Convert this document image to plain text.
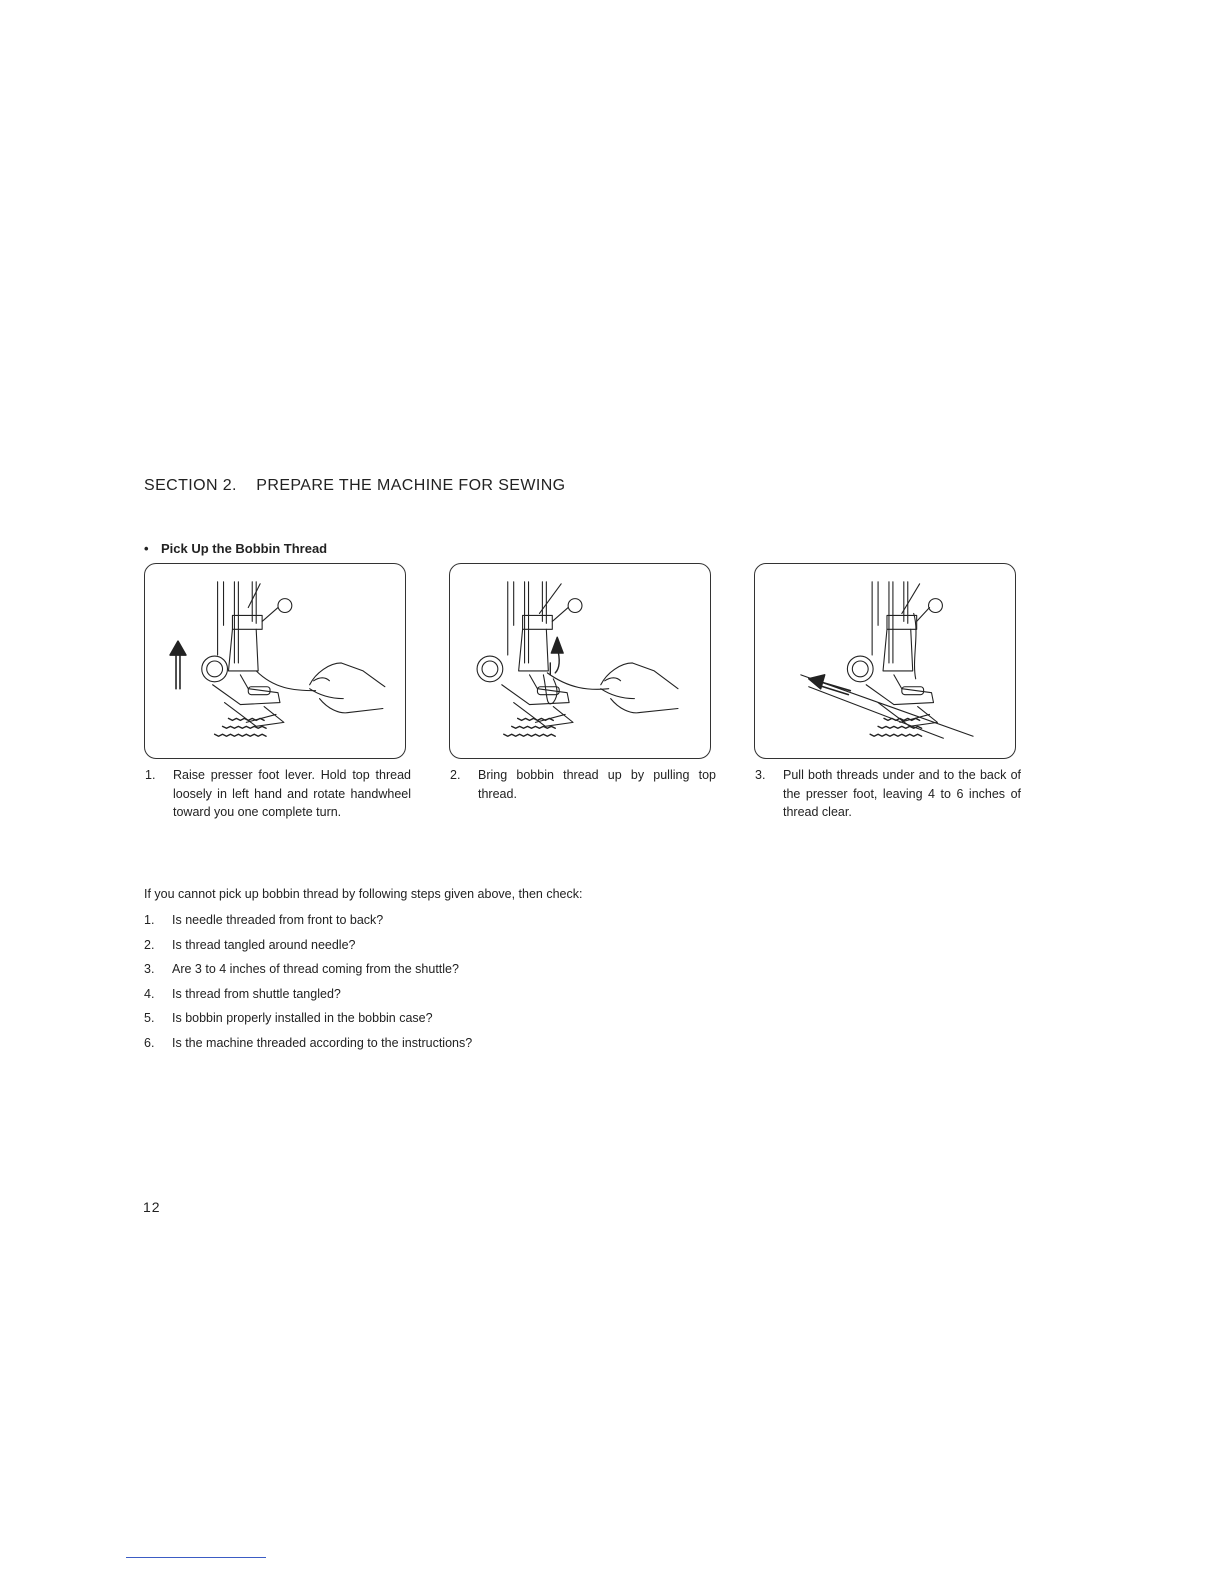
SECTION 2. PREPARE THE MACHINE FOR SEWING
• Pick Up the Bobbin Thread
1. Raise presser foot lever. Hold top thread loosely in left hand and rotate handwheel toward you one complete turn.
2. Bring bobbin thread up by pulling top thread.
3. Pull both threads under and to the back of the presser foot, leaving 4 to 6 inches of thread clear.
If you cannot pick up bobbin thread by following steps given above, then check:
1. Is needle threaded from front to back?
2. Is thread tangled around needle?
3. Are 3 to 4 inches of thread coming from the shuttle?
4. Is thread from shuttle tangled?
5. Is bobbin properly installed in the bobbin case?
6. Is the machine threaded according to the instructions?
12
